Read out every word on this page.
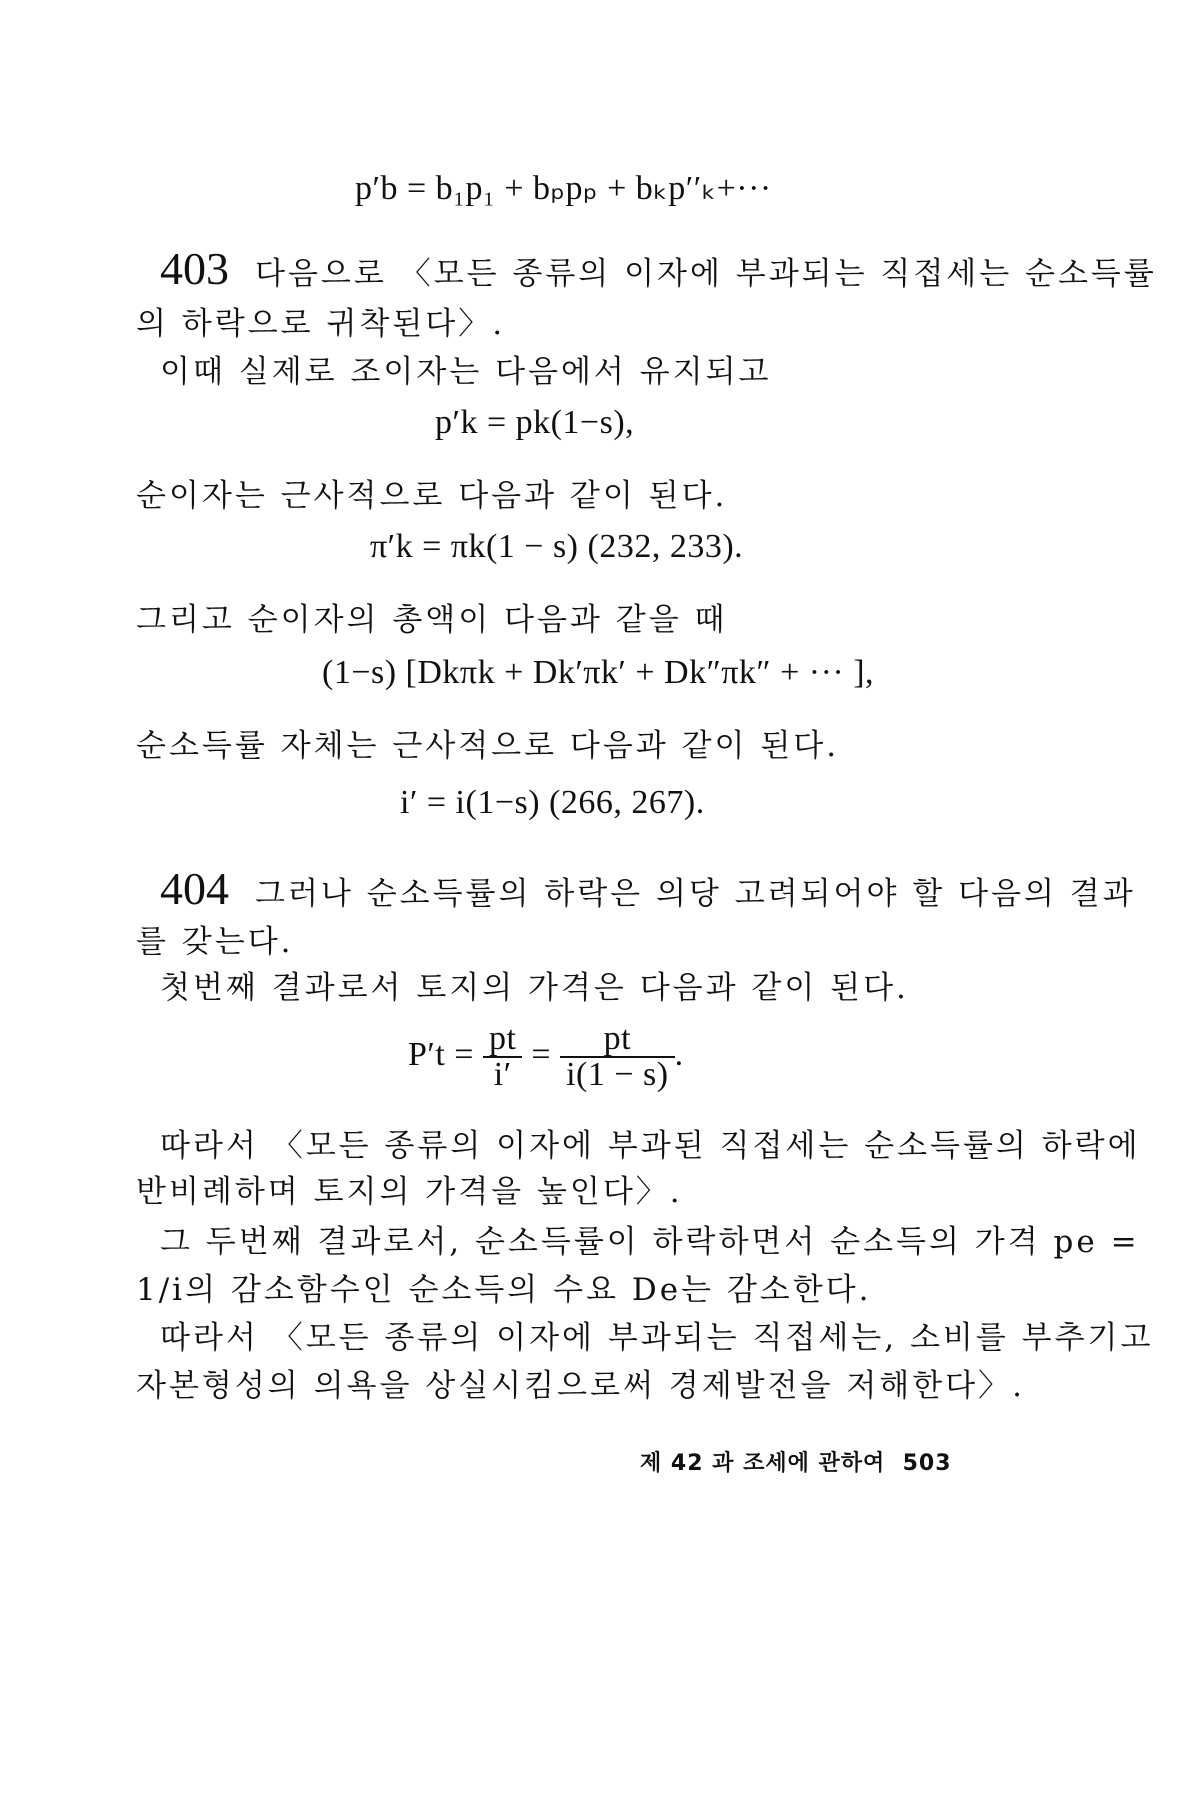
p′b = b₁p₁ + bₚpₚ + bₖp′′ₖ+···
403 다음으로 〈모든 종류의 이자에 부과되는 직접세는 순소득률
의 하락으로 귀착된다〉.
이때 실제로 조이자는 다음에서 유지되고
p′k = pk(1−s),
순이자는 근사적으로 다음과 같이 된다.
π′k = πk(1 − s) (232, 233).
그리고 순이자의 총액이 다음과 같을 때
(1−s) [Dkπk + Dk′πk′ + Dk″πk″ + ··· ],
순소득률 자체는 근사적으로 다음과 같이 된다.
i′ = i(1−s) (266, 267).
404 그러나 순소득률의 하락은 의당 고려되어야 할 다음의 결과
를 갖는다.
첫번째 결과로서 토지의 가격은 다음과 같이 된다.
$P't = \frac{pt}{i'} = \frac{pt}{i(1 - s)}$ .
따라서 〈모든 종류의 이자에 부과된 직접세는 순소득률의 하락에
반비례하며 토지의 가격을 높인다〉.
그 두번째 결과로서, 순소득률이 하락하면서 순소득의 가격 pe =
1/i의 감소함수인 순소득의 수요 De는 감소한다.
따라서 〈모든 종류의 이자에 부과되는 직접세는, 소비를 부추기고
자본형성의 의욕을 상실시킴으로써 경제발전을 저해한다〉.
제 42 과 조세에 관하여 503
